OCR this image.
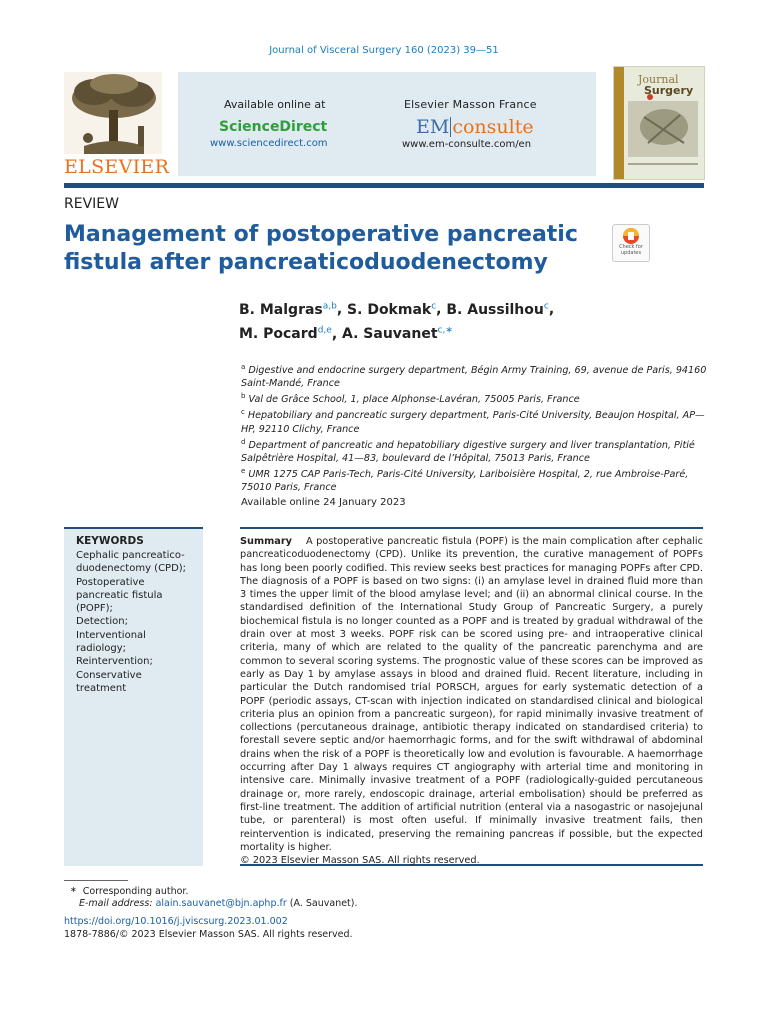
Journal of Visceral Surgery 160 (2023) 39—51
ELSEVIER
Available online at
ScienceDirect
www.sciencedirect.com
Elsevier Masson France
EM consulte
www.em-consulte.com/en
Journal
Surgery
REVIEW
Management of postoperative pancreatic fistula after pancreaticoduodenectomy
Check for updates
B. Malgras$^{a,b}$, S. Dokmak$^c$, B. Aussilhou$^c$,
M. Pocard$^{d,e}$, A. Sauvanet$^{c,∗}$

$^a$ Digestive and endocrine surgery department, Bégin Army Training, 69, avenue de Paris, 94160 Saint-Mandé, France

$^b$ Val de Grâce School, 1, place Alphonse-Lavéran, 75005 Paris, France

$^c$ Hepatobiliary and pancreatic surgery department, Paris-Cité University, Beaujon Hospital, AP—HP, 92110 Clichy, France

$^d$ Department of pancreatic and hepatobiliary digestive surgery and liver transplantation, Pitié Salpêtrière Hospital, 41—83, boulevard de l’Hôpital, 75013 Paris, France

$^e$ UMR 1275 CAP Paris-Tech, Paris-Cité University, Lariboisière Hospital, 2, rue Ambroise-Paré, 75010 Paris, France

Available online 24 January 2023
KEYWORDS
Cephalic pancreatico-duodenectomy (CPD);
Postoperative pancreatic fistula (POPF);
Detection;
Interventional radiology;
Reintervention;
Conservative treatment

Summary A postoperative pancreatic fistula (POPF) is the main complication after cephalic pancreaticoduodenectomy (CPD). Unlike its prevention, the curative management of POPFs has long been poorly codified. This review seeks best practices for managing POPFs after CPD. The diagnosis of a POPF is based on two signs: (i) an amylase level in drained fluid more than 3 times the upper limit of the blood amylase level; and (ii) an abnormal clinical course. In the standardised definition of the International Study Group of Pancreatic Surgery, a purely biochemical fistula is no longer counted as a POPF and is treated by gradual withdrawal of the drain over at most 3 weeks. POPF risk can be scored using pre- and intraoperative clinical criteria, many of which are related to the quality of the pancreatic parenchyma and are common to several scoring systems. The prognostic value of these scores can be improved as early as Day 1 by amylase assays in blood and drained fluid. Recent literature, including in particular the Dutch randomised trial PORSCH, argues for early systematic detection of a POPF (periodic assays, CT-scan with injection indicated on standardised clinical and biological criteria plus an opinion from a pancreatic surgeon), for rapid minimally invasive treatment of collections (percutaneous drainage, antibiotic therapy indicated on standardised criteria) to forestall severe septic and/or haemorrhagic forms, and for the swift withdrawal of abdominal drains when the risk of a POPF is theoretically low and evolution is favourable. A haemorrhage occurring after Day 1 always requires CT angiography with arterial time and monitoring in intensive care. Minimally invasive treatment of a POPF (radiologically-guided percutaneous drainage or, more rarely, endoscopic drainage, arterial embolisation) should be preferred as first-line treatment. The addition of artificial nutrition (enteral via a nasogastric or nasojejunal tube, or parenteral) is most often useful. If minimally invasive treatment fails, then reintervention is indicated, preserving the remaining pancreas if possible, but the expected mortality is higher.

© 2023 Elsevier Masson SAS. All rights reserved.

∗ Corresponding author.
E-mail address: alain.sauvanet@bjn.aphp.fr (A. Sauvanet).
https://doi.org/10.1016/j.jviscsurg.2023.01.002
1878-7886/© 2023 Elsevier Masson SAS. All rights reserved.
